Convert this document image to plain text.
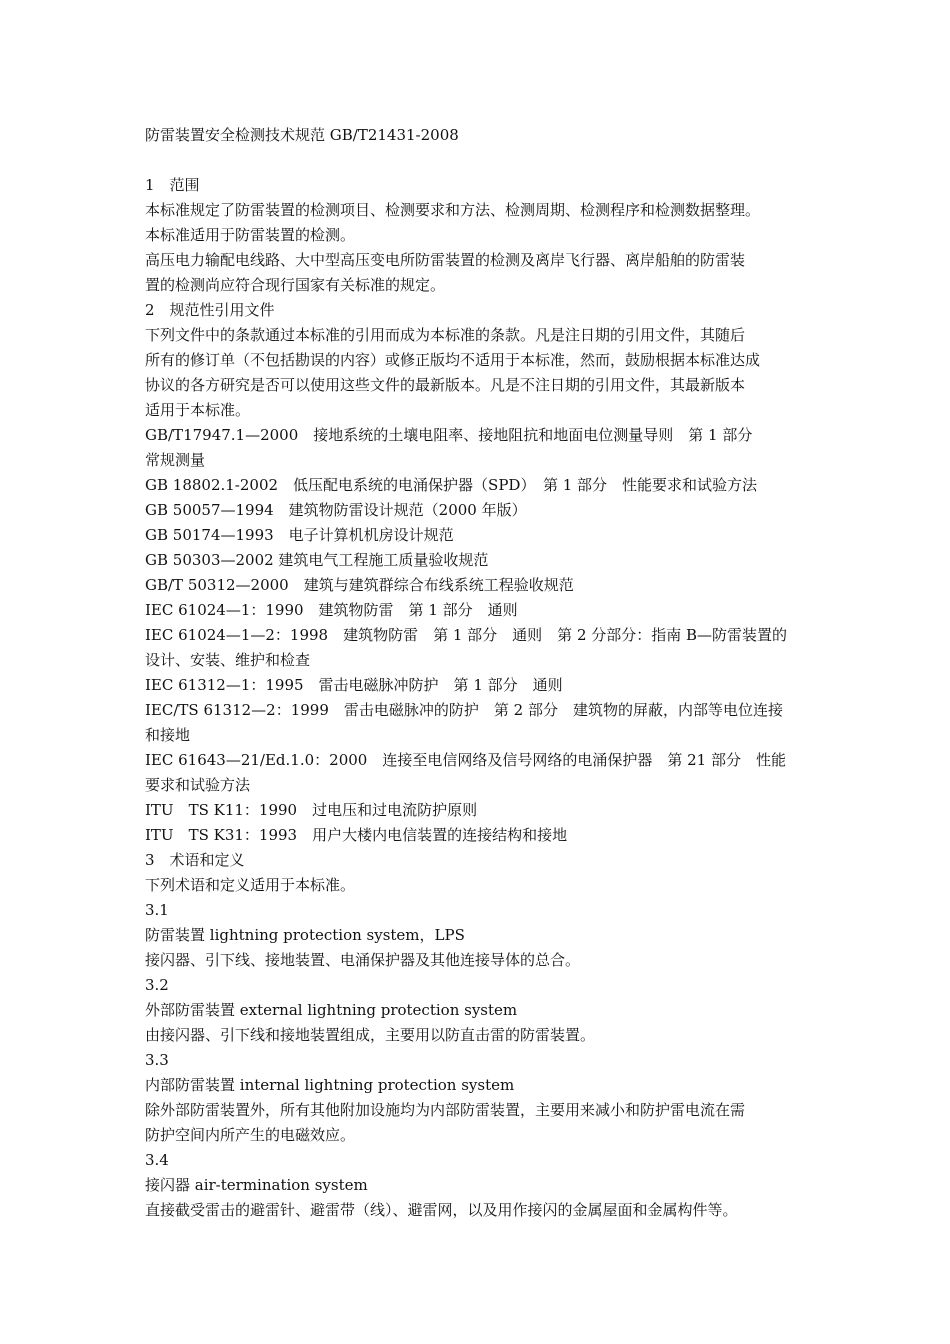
防雷装置安全检测技术规范 GB/T21431-2008
1　范围
本标准规定了防雷装置的检测项目、检测要求和方法、检测周期、检测程序和检测数据整理。
本标准适用于防雷装置的检测。
高压电力输配电线路、大中型高压变电所防雷装置的检测及离岸飞行器、离岸船舶的防雷装
置的检测尚应符合现行国家有关标准的规定。
2　规范性引用文件
下列文件中的条款通过本标准的引用而成为本标准的条款。凡是注日期的引用文件，其随后
所有的修订单（不包括勘误的内容）或修正版均不适用于本标准，然而，鼓励根据本标准达成
协议的各方研究是否可以使用这些文件的最新版本。凡是不注日期的引用文件，其最新版本
适用于本标准。
GB/T17947.1—2000　接地系统的土壤电阻率、接地阻抗和地面电位测量导则　第 1 部分
常规测量
GB 18802.1-2002　低压配电系统的电涌保护器（SPD）　第 1 部分　性能要求和试验方法
GB 50057—1994　建筑物防雷设计规范（2000 年版）
GB 50174—1993　电子计算机机房设计规范
GB 50303—2002 建筑电气工程施工质量验收规范
GB/T 50312—2000　建筑与建筑群综合布线系统工程验收规范
IEC 61024—1：1990　建筑物防雷　第 1 部分　通则
IEC 61024—1—2：1998　建筑物防雷　第 1 部分　通则　第 2 分部分：指南 B—防雷装置的
设计、安装、维护和检查
IEC 61312—1：1995　雷击电磁脉冲防护　第 1 部分　通则
IEC/TS 61312—2：1999　雷击电磁脉冲的防护　第 2 部分　建筑物的屏蔽，内部等电位连接
和接地
IEC 61643—21/Ed.1.0：2000　连接至电信网络及信号网络的电涌保护器　第 21 部分　性能
要求和试验方法
ITU　TS K11：1990　过电压和过电流防护原则
ITU　TS K31：1993　用户大楼内电信装置的连接结构和接地
3　术语和定义
下列术语和定义适用于本标准。
3.1
防雷装置 lightning protection system，LPS
接闪器、引下线、接地装置、电涌保护器及其他连接导体的总合。
3.2
外部防雷装置 external lightning protection system
由接闪器、引下线和接地装置组成，主要用以防直击雷的防雷装置。
3.3
内部防雷装置 internal lightning protection system
除外部防雷装置外，所有其他附加设施均为内部防雷装置，主要用来减小和防护雷电流在需
防护空间内所产生的电磁效应。
3.4
接闪器 air-termination system
直接截受雷击的避雷针、避雷带（线）、避雷网，以及用作接闪的金属屋面和金属构件等。
